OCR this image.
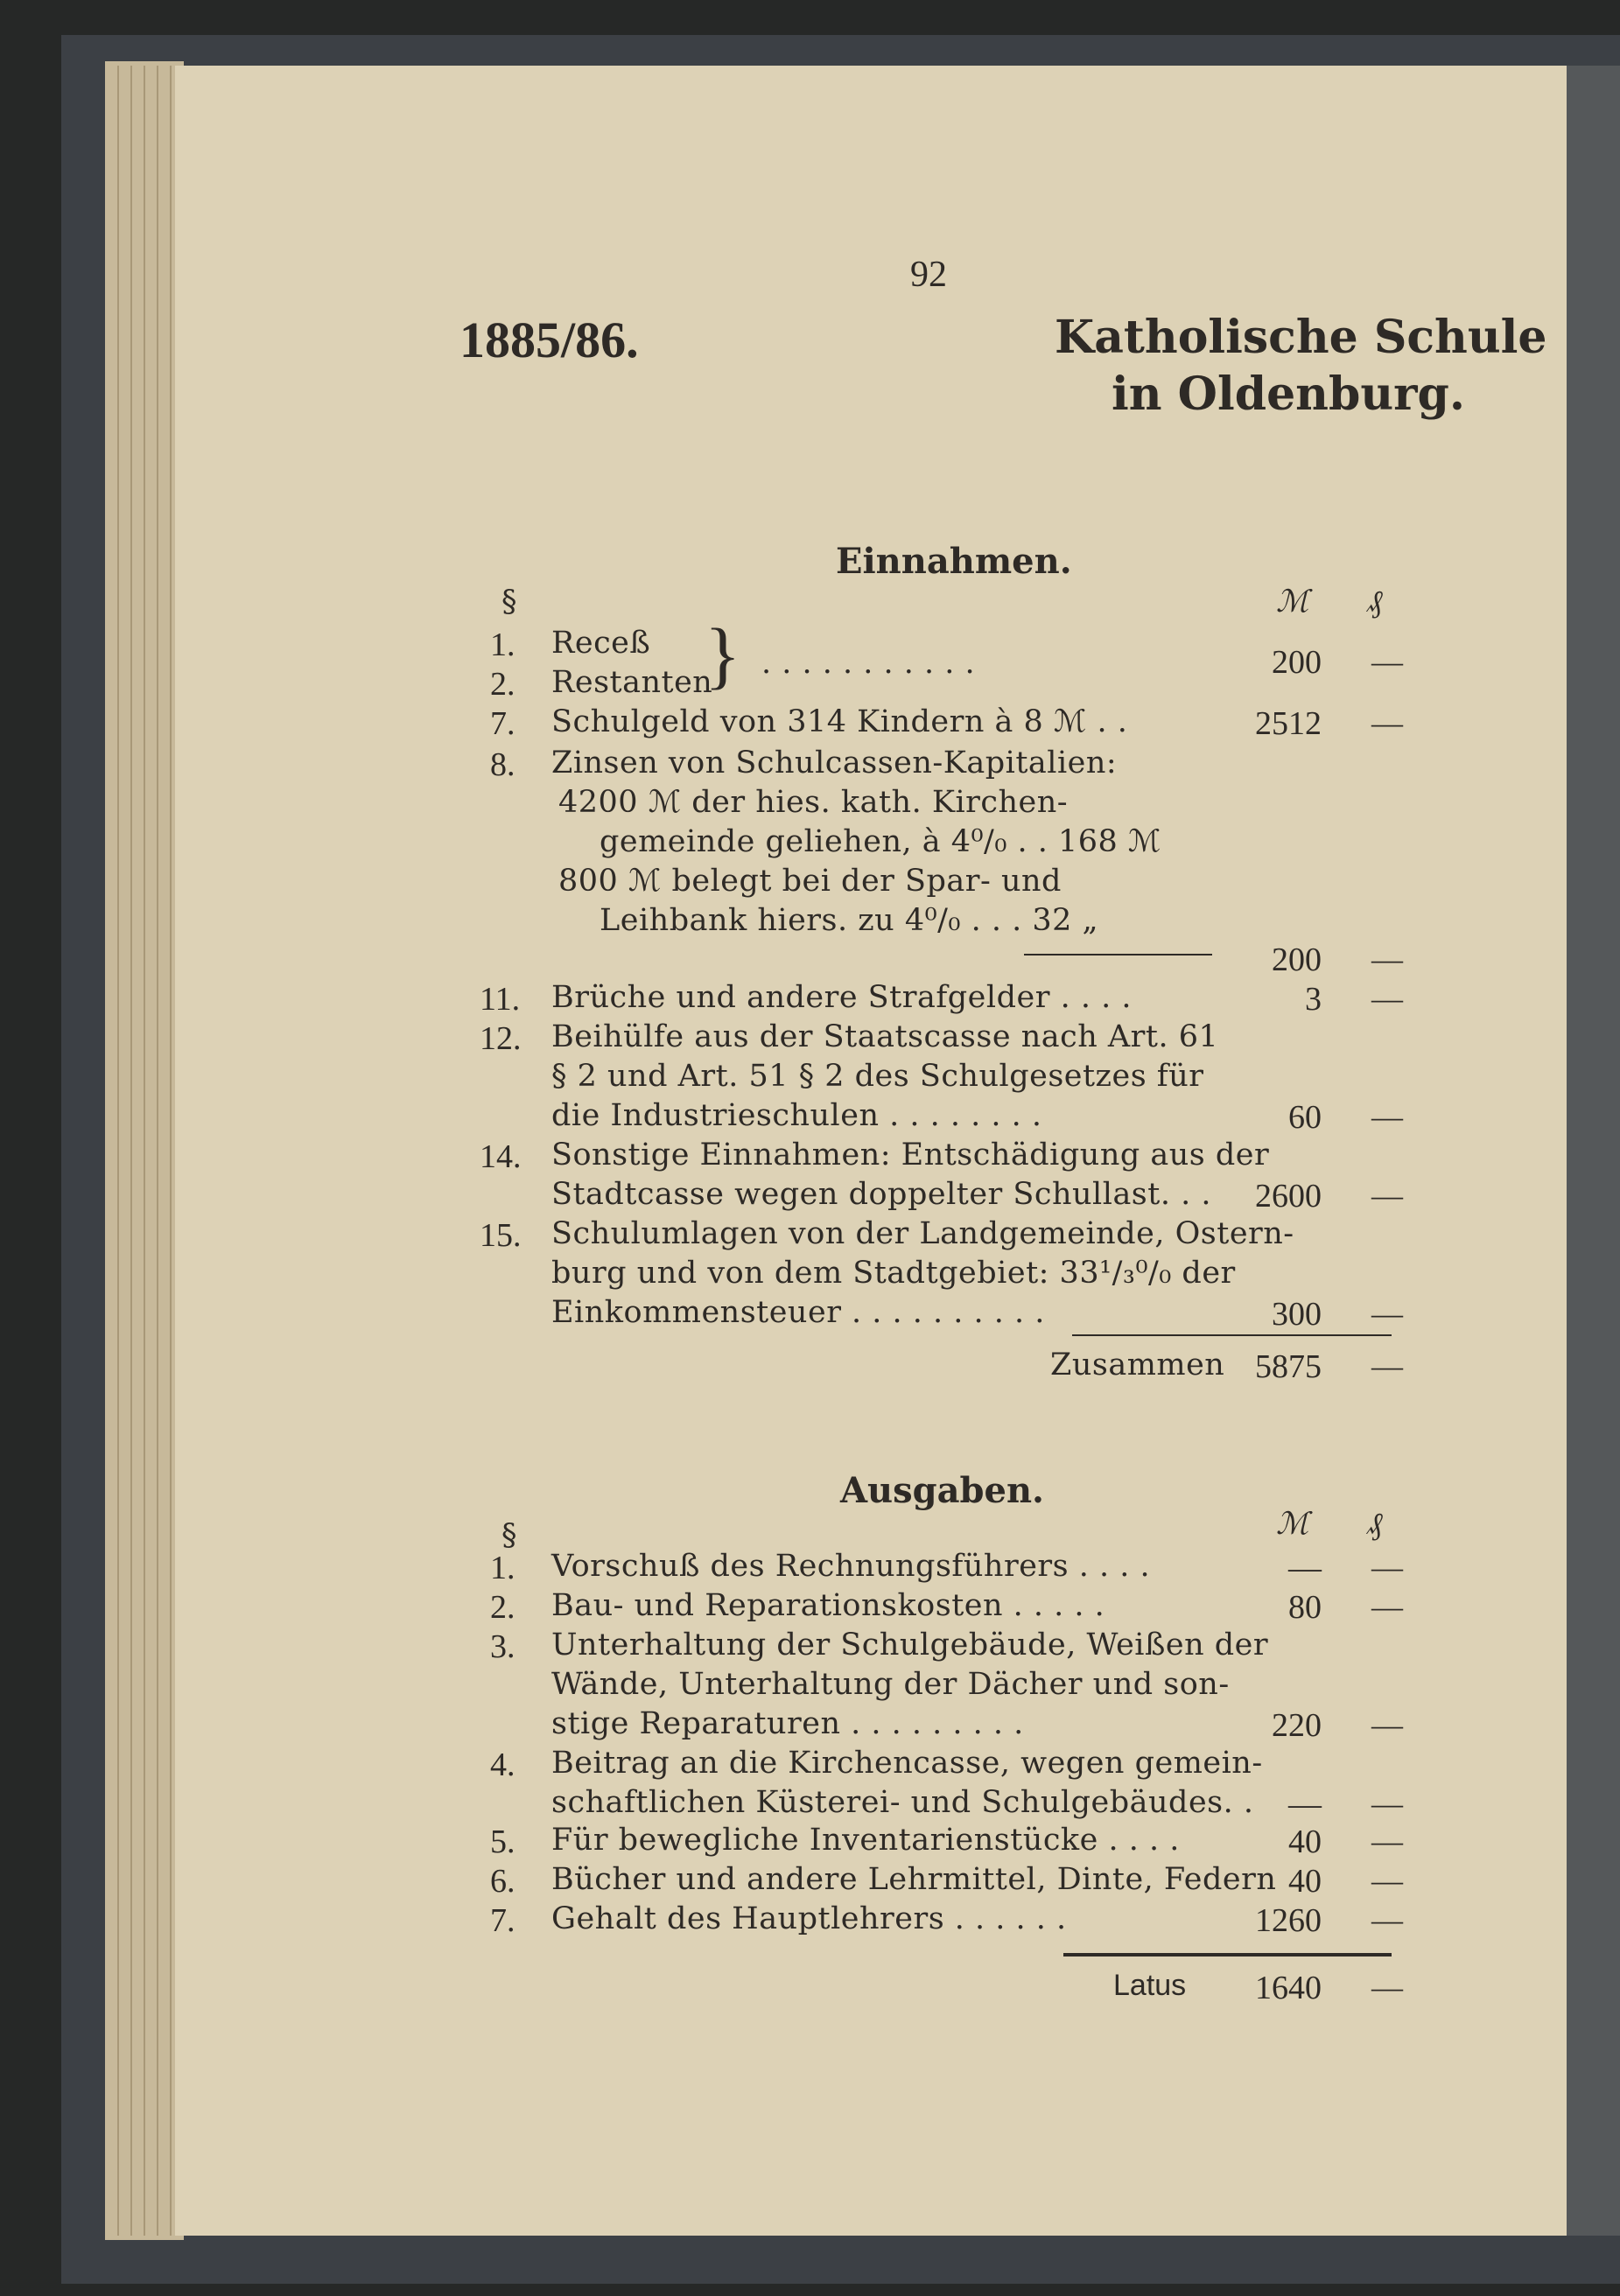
92
1885/86.	Katholische Schule
in Oldenburg.
Einnahmen.
§	ℳ ₰
1. Receß
2. Restanten
} . . . . . . . . . . .	200	—
7. Schulgeld von 314 Kindern à 8 ℳ . .	2512	—
8. Zinsen von Schulcassen-Kapitalien:
4200 ℳ der hies. kath. Kirchen-
gemeinde geliehen, à 4⁰/₀ . . 168 ℳ
800 ℳ belegt bei der Spar- und
Leihbank hiers. zu 4⁰/₀ . . . 32 „
200	—
11. Brüche und andere Strafgelder . . . .	3	—
12. Beihülfe aus der Staatscasse nach Art. 61
§ 2 und Art. 51 § 2 des Schulgesetzes für
die Industrieschulen . . . . . . . .	60	—
14. Sonstige Einnahmen: Entschädigung aus der
Stadtcasse wegen doppelter Schullast. . .	2600	—
15. Schulumlagen von der Landgemeinde, Ostern-
burg und von dem Stadtgebiet: 33¹/₃⁰/₀ der
Einkommensteuer . . . . . . . . . .	300	—
Zusammen 5875	—
Ausgaben.
§	ℳ ₰
1. Vorschuß des Rechnungsführers . . . .	—	—
2. Bau- und Reparationskosten . . . . .	80	—
3. Unterhaltung der Schulgebäude, Weißen der
Wände, Unterhaltung der Dächer und son-
stige Reparaturen . . . . . . . . .	220	—
4. Beitrag an die Kirchencasse, wegen gemein-
schaftlichen Küsterei- und Schulgebäudes. .	—	—
5. Für bewegliche Inventarienstücke . . . .	40	—
6. Bücher und andere Lehrmittel, Dinte, Federn 40	—
7. Gehalt des Hauptlehrers . . . . . .	1260	—
Latus	1640	—
